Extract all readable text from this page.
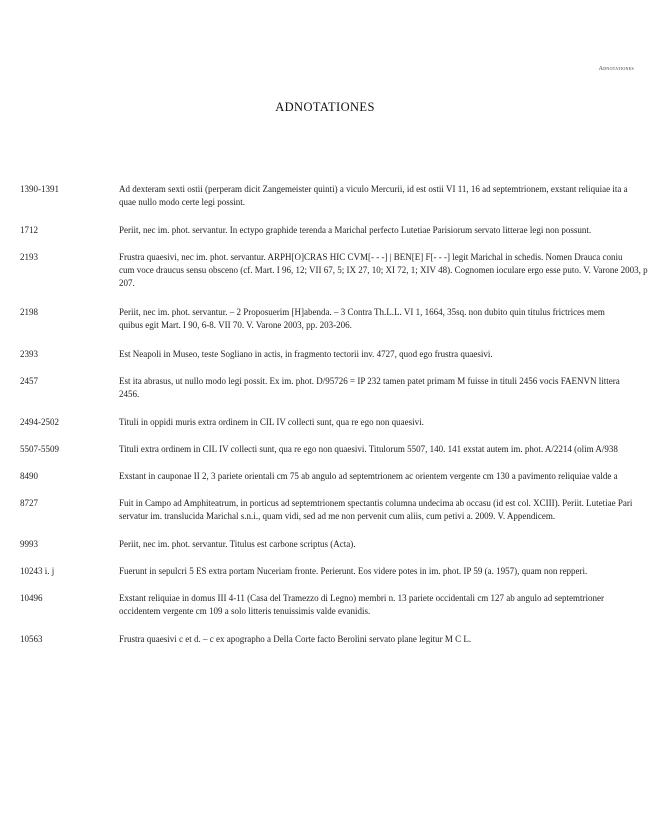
Adnotationes
ADNOTATIONES
1390-1391	Ad dexteram sexti ostii (perperam dicit Zangemeister quinti) a viculo Mercurii, id est ostii VI 11, 16 ad septemtrionem, exstant reliquiae ita a
quae nullo modo certe legi possint.
1712	Periit, nec im. phot. servantur. In ectypo graphide terenda a Marichal perfecto Lutetiae Parisiorum servato litterae legi non possunt.
2193	Frustra quaesivi, nec im. phot. servantur. ARPH[O]CRAS HIC CVM[- - -] | BEN[E] F[- - -] legit Marichal in schedis. Nomen Drauca coniu
cum voce draucus sensu obsceno (cf. Mart. I 96, 12; VII 67, 5; IX 27, 10; XI 72, 1; XIV 48). Cognomen ioculare ergo esse puto. V. Varone 2003, p
207.
2198	Periit, nec im. phot. servantur. – 2 Proposuerim [H]abenda. – 3 Contra Th.L.L. VI 1, 1664, 35sq. non dubito quin titulus frictrices mem
quibus egit Mart. I 90, 6-8. VII 70. V. Varone 2003, pp. 203-206.
2393	Est Neapoli in Museo, teste Sogliano in actis, in fragmento tectorii inv. 4727, quod ego frustra quaesivi.
2457	Est ita abrasus, ut nullo modo legi possit. Ex im. phot. D/95726 = IP 232 tamen patet primam M fuisse in tituli 2456 vocis FAENVN littera
2456.
2494-2502	Tituli in oppidi muris extra ordinem in CIL IV collecti sunt, qua re ego non quaesivi.
5507-5509	Tituli extra ordinem in CIL IV collecti sunt, qua re ego non quaesivi. Titulorum 5507, 140. 141 exstat autem im. phot. A/2214 (olim A/938
8490	Exstant in cauponae II 2, 3 pariete orientali cm 75 ab angulo ad septemtrionem ac orientem vergente cm 130 a pavimento reliquiae valde a
8727	Fuit in Campo ad Amphiteatrum, in porticus ad septemtrionem spectantis columna undecima ab occasu (id est col. XCIII). Periit. Lutetiae Pari
servatur im. translucida Marichal s.n.i., quam vidi, sed ad me non pervenit cum aliis, cum petivi a. 2009. V. Appendicem.
9993	Periit, nec im. phot. servantur. Titulus est carbone scriptus (Acta).
10243 i. j	Fuerunt in sepulcri 5 ES extra portam Nuceriam fronte. Perierunt. Eos videre potes in im. phot. IP 59 (a. 1957), quam non repperi.
10496	Exstant reliquiae in domus III 4-11 (Casa del Tramezzo di Legno) membri n. 13 pariete occidentali cm 127 ab angulo ad septemtrioner
occidentem vergente cm 109 a solo litteris tenuissimis valde evanidis.
10563	Frustra quaesivi c et d. – c ex apographo a Della Corte facto Berolini servato plane legitur M C L.
